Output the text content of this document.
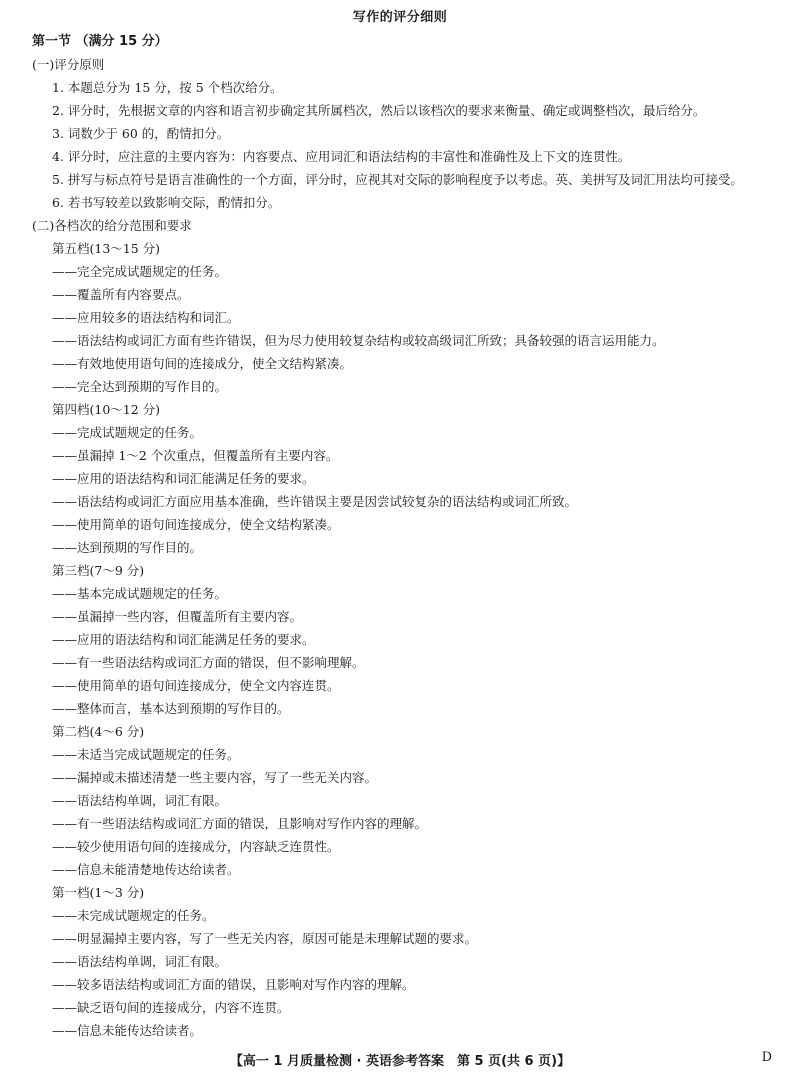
写作的评分细则
第一节 （满分 15 分）
(一)评分原则
1. 本题总分为 15 分，按 5 个档次给分。
2. 评分时，先根据文章的内容和语言初步确定其所属档次，然后以该档次的要求来衡量、确定或调整档次，最后给分。
3. 词数少于 60 的，酌情扣分。
4. 评分时，应注意的主要内容为：内容要点、应用词汇和语法结构的丰富性和准确性及上下文的连贯性。
5. 拼写与标点符号是语言准确性的一个方面，评分时，应视其对交际的影响程度予以考虑。英、美拼写及词汇用法均可接受。
6. 若书写较差以致影响交际，酌情扣分。
(二)各档次的给分范围和要求
第五档(13～15 分)
——完全完成试题规定的任务。
——覆盖所有内容要点。
——应用较多的语法结构和词汇。
——语法结构或词汇方面有些许错误，但为尽力使用较复杂结构或较高级词汇所致；具备较强的语言运用能力。
——有效地使用语句间的连接成分，使全文结构紧凑。
——完全达到预期的写作目的。
第四档(10～12 分)
——完成试题规定的任务。
——虽漏掉 1～2 个次重点，但覆盖所有主要内容。
——应用的语法结构和词汇能满足任务的要求。
——语法结构或词汇方面应用基本准确，些许错误主要是因尝试较复杂的语法结构或词汇所致。
——使用简单的语句间连接成分，使全文结构紧凑。
——达到预期的写作目的。
第三档(7～9 分)
——基本完成试题规定的任务。
——虽漏掉一些内容，但覆盖所有主要内容。
——应用的语法结构和词汇能满足任务的要求。
——有一些语法结构或词汇方面的错误，但不影响理解。
——使用简单的语句间连接成分，使全文内容连贯。
——整体而言，基本达到预期的写作目的。
第二档(4～6 分)
——未适当完成试题规定的任务。
——漏掉或未描述清楚一些主要内容，写了一些无关内容。
——语法结构单调，词汇有限。
——有一些语法结构或词汇方面的错误，且影响对写作内容的理解。
——较少使用语句间的连接成分，内容缺乏连贯性。
——信息未能清楚地传达给读者。
第一档(1～3 分)
——未完成试题规定的任务。
——明显漏掉主要内容，写了一些无关内容，原因可能是未理解试题的要求。
——语法结构单调，词汇有限。
——较多语法结构或词汇方面的错误，且影响对写作内容的理解。
——缺乏语句间的连接成分，内容不连贯。
——信息未能传达给读者。
【高一 1 月质量检测 · 英语参考答案　第 5 页(共 6 页)】	D
